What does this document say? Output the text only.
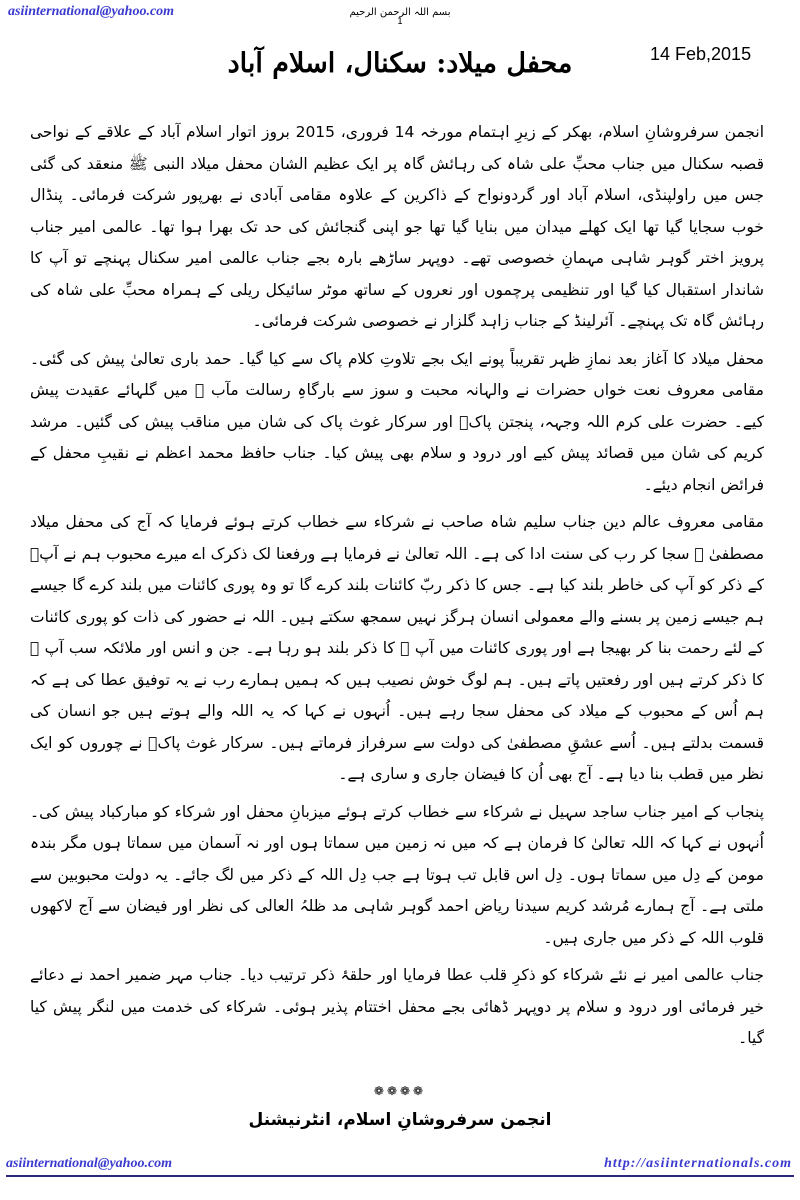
asiinternational@yahoo.com	بسم اللہ الرحمن الرحیم
1
14 Feb,2015
محفل میلاد: سکنال، اسلام آباد

انجمن سرفروشانِ اسلام، بھکر کے زیرِ اہتمام مورخہ 14 فروری، 2015 بروز اتوار اسلام آباد کے علاقے کے نواحی قصبہ سکنال میں جناب محبِّ علی شاہ کی رہائش گاہ پر ایک عظیم الشان محفل میلاد النبی ﷺ منعقد کی گئی جس میں راولپنڈی، اسلام آباد اور گردونواح کے ذاکرین کے علاوہ مقامی آبادی نے بھرپور شرکت فرمائی۔ پنڈال خوب سجایا گیا تھا ایک کھلے میدان میں بنایا گیا تھا جو اپنی گنجائش کی حد تک بھرا ہوا تھا۔ عالمی امیر جناب پرویز اختر گوہر شاہی مہمانِ خصوصی تھے۔ دوپہر ساڑھے بارہ بجے جناب عالمی امیر سکنال پہنچے تو آپ کا شاندار استقبال کیا گیا اور تنظیمی پرچموں اور نعروں کے ساتھ موٹر سائیکل ریلی کے ہمراہ محبِّ علی شاہ کی رہائش گاہ تک پہنچے۔ آئرلینڈ کے جناب زاہد گلزار نے خصوصی شرکت فرمائی۔

محفل میلاد کا آغاز بعد نمازِ ظہر تقریباً پونے ایک بجے تلاوتِ کلام پاک سے کیا گیا۔ حمد باری تعالیٰ پیش کی گئی۔ مقامی معروف نعت خواں حضرات نے والہانہ محبت و سوز سے بارگاہِ رسالت مآب ﷺ میں گلہائے عقیدت پیش کیے۔ حضرت علی کرم اللہ وجہہ، پنجتن پاکؑ اور سرکار غوث پاک کی شان میں مناقب پیش کی گئیں۔ مرشد کریم کی شان میں قصائد پیش کیے اور درود و سلام بھی پیش کیا۔ جناب حافظ محمد اعظم نے نقیبِ محفل کے فرائض انجام دیئے۔

مقامی معروف عالم دین جناب سلیم شاہ صاحب نے شرکاء سے خطاب کرتے ہوئے فرمایا کہ آج کی محفل میلاد مصطفیٰ ﷺ سجا کر رب کی سنت ادا کی ہے۔ اللہ تعالیٰ نے فرمایا ہے ورفعنا لک ذکرک اے میرے محبوب ہم نے آپؐ کے ذکر کو آپ کی خاطر بلند کیا ہے۔ جس کا ذکر ربّ کائنات بلند کرے گا تو وہ پوری کائنات میں بلند کرے گا جیسے ہم جیسے زمین پر بسنے والے معمولی انسان ہرگز نہیں سمجھ سکتے ہیں۔ اللہ نے حضور کی ذات کو پوری کائنات کے لئے رحمت بنا کر بھیجا ہے اور پوری کائنات میں آپ ﷺ کا ذکر بلند ہو رہا ہے۔ جن و انس اور ملائکہ سب آپ ﷺ کا ذکر کرتے ہیں اور رفعتیں پاتے ہیں۔ ہم لوگ خوش نصیب ہیں کہ ہمیں ہمارے رب نے یہ توفیق عطا کی ہے کہ ہم اُس کے محبوب کے میلاد کی محفل سجا رہے ہیں۔ اُنہوں نے کہا کہ یہ اللہ والے ہوتے ہیں جو انسان کی قسمت بدلتے ہیں۔ اُسے عشقِ مصطفیٰ کی دولت سے سرفراز فرماتے ہیں۔ سرکار غوث پاکؒ نے چوروں کو ایک نظر میں قطب بنا دیا ہے۔ آج بھی اُن کا فیضان جاری و ساری ہے۔

پنجاب کے امیر جناب ساجد سہیل نے شرکاء سے خطاب کرتے ہوئے میزبانِ محفل اور شرکاء کو مبارکباد پیش کی۔ اُنہوں نے کہا کہ اللہ تعالیٰ کا فرمان ہے کہ میں نہ زمین میں سماتا ہوں اور نہ آسمان میں سماتا ہوں مگر بندہ مومن کے دِل میں سماتا ہوں۔ دِل اس قابل تب ہوتا ہے جب دِل اللہ کے ذکر میں لگ جائے۔ یہ دولت محبوبین سے ملتی ہے۔ آج ہمارے مُرشد کریم سیدنا ریاض احمد گوہر شاہی مد ظلہُ العالی کی نظر اور فیضان سے آج لاکھوں قلوب اللہ کے ذکر میں جاری ہیں۔

جناب عالمی امیر نے نئے شرکاء کو ذکرِ قلب عطا فرمایا اور حلقۂ ذکر ترتیب دیا۔ جناب مہر ضمیر احمد نے دعائے خیر فرمائی اور درود و سلام پر دوپہر ڈھائی بجے محفل اختتام پذیر ہوئی۔ شرکاء کی خدمت میں لنگر پیش کیا گیا۔

❁❁❁❁
انجمن سرفروشانِ اسلام، انٹرنیشنل
asiinternational@yahoo.com	http://asiinternationals.com
